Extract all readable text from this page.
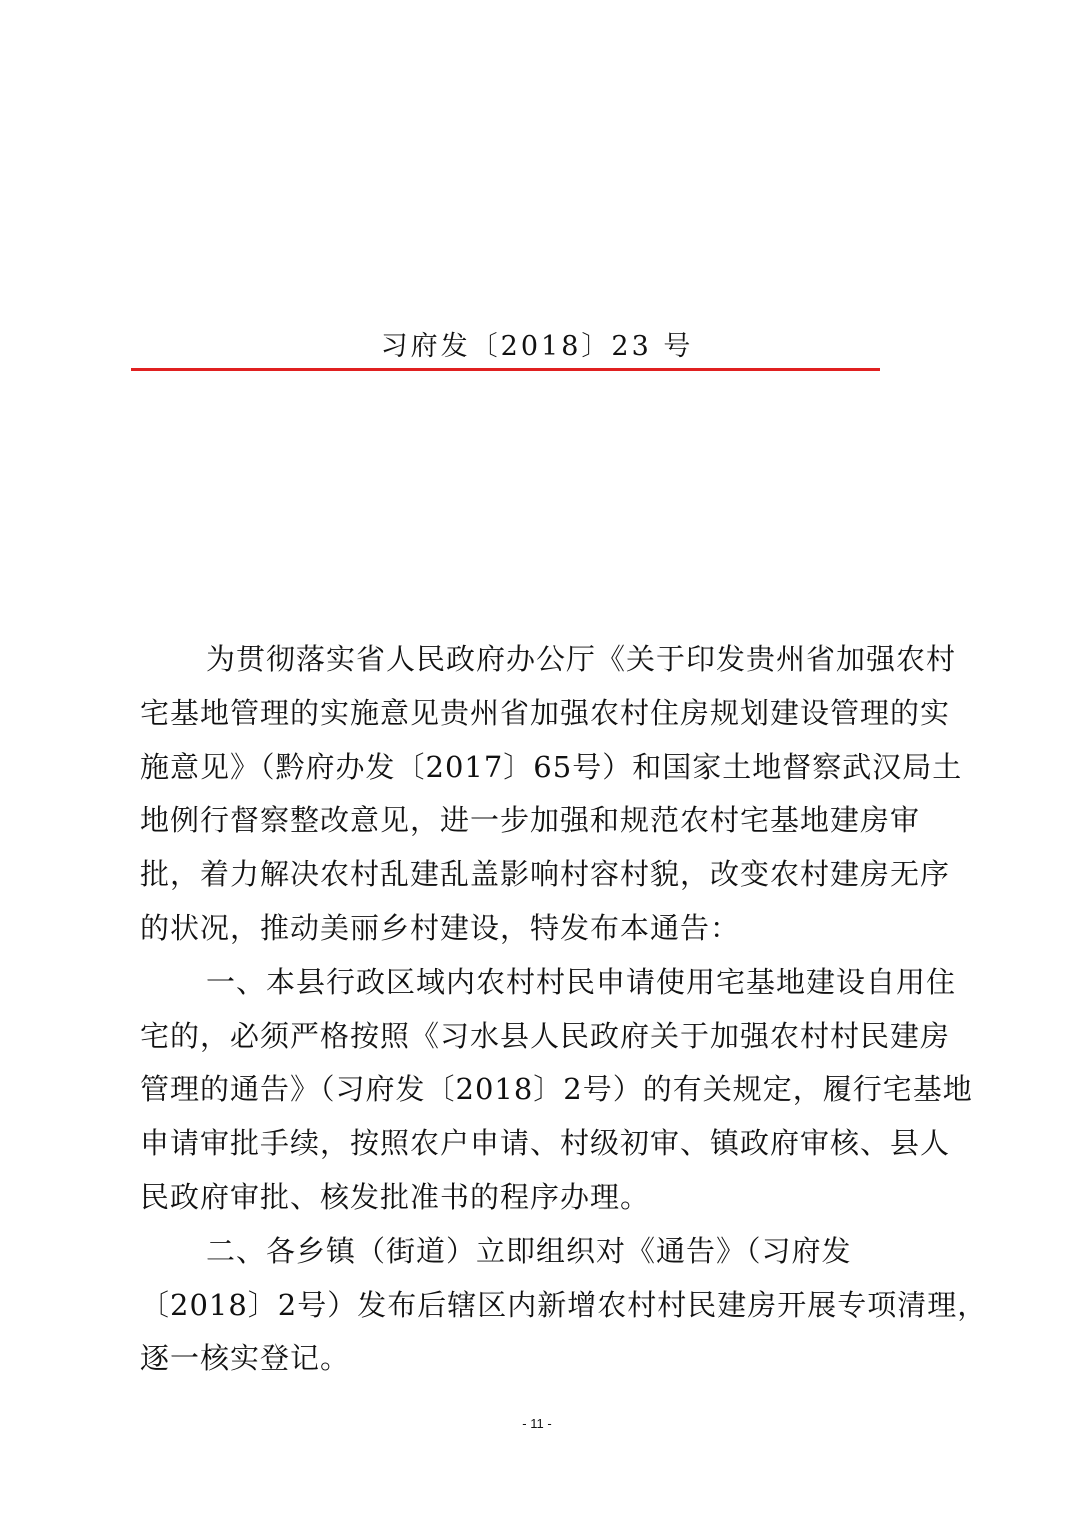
习府发〔2018〕23 号

为贯彻落实省人民政府办公厅《关于印发贵州省加强农村
宅基地管理的实施意见贵州省加强农村住房规划建设管理的实
施意见》（黔府办发〔2017〕65号）和国家土地督察武汉局土
地例行督察整改意见，进一步加强和规范农村宅基地建房审
批，着力解决农村乱建乱盖影响村容村貌，改变农村建房无序
的状况，推动美丽乡村建设，特发布本通告：

一、本县行政区域内农村村民申请使用宅基地建设自用住
宅的，必须严格按照《习水县人民政府关于加强农村村民建房
管理的通告》（习府发〔2018〕2号）的有关规定，履行宅基地
申请审批手续，按照农户申请、村级初审、镇政府审核、县人
民政府审批、核发批准书的程序办理。

二、各乡镇（街道）立即组织对《通告》（习府发
〔2018〕2号）发布后辖区内新增农村村民建房开展专项清理，
逐一核实登记。

- 11 -
